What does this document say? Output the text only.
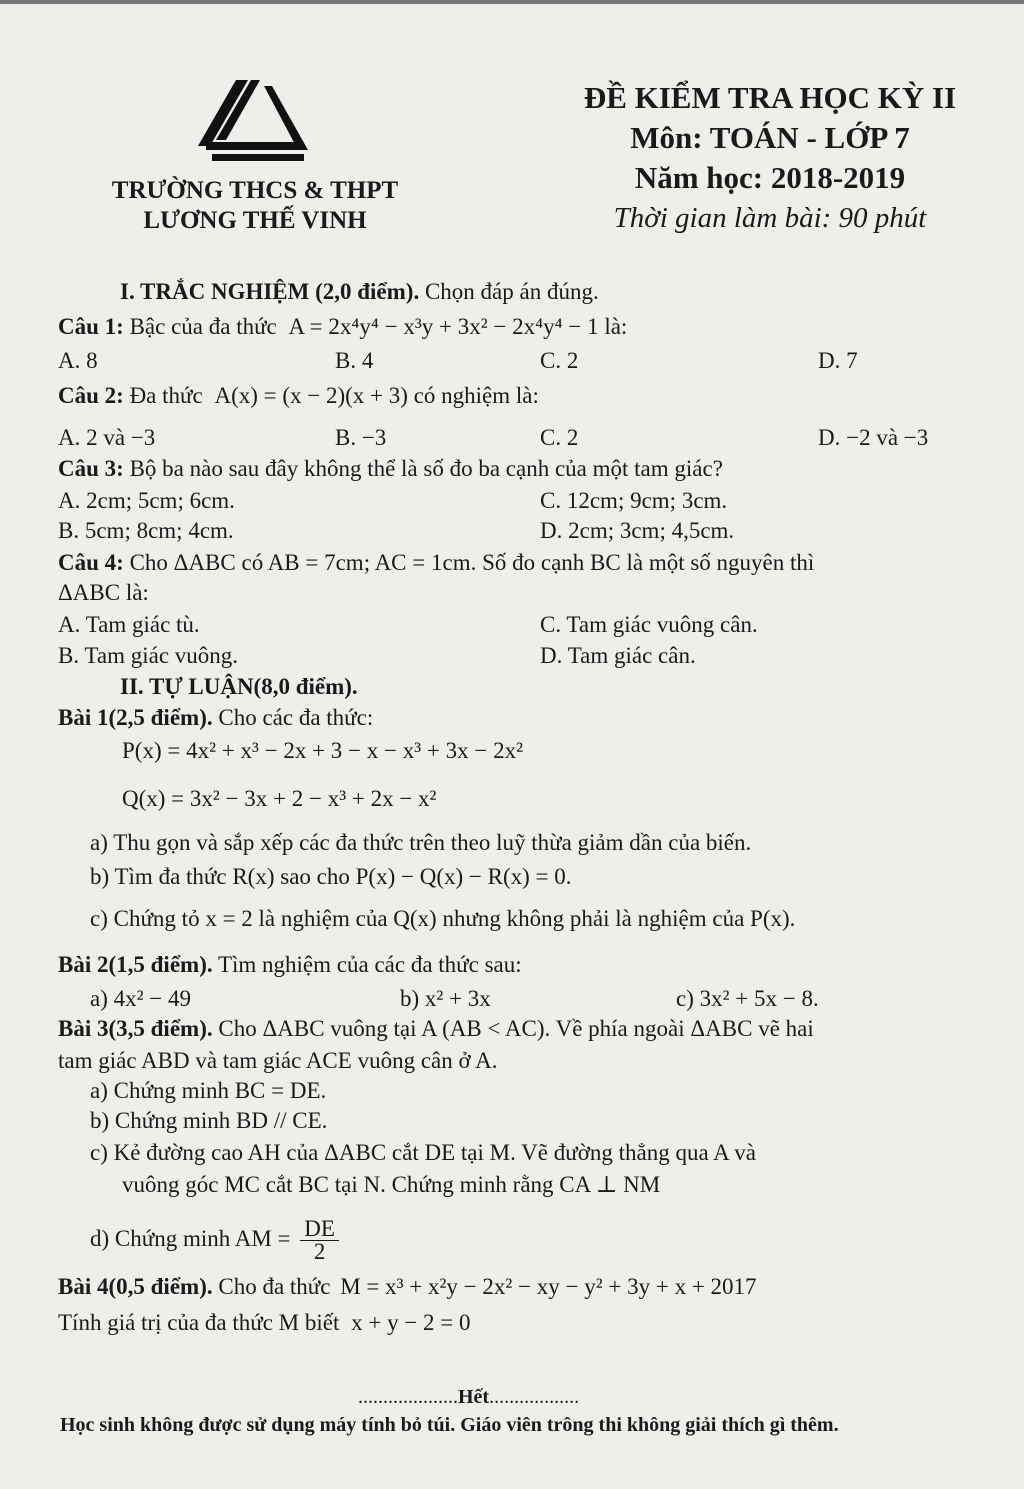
TRƯỜNG THCS & THPT
LƯƠNG THẾ VINH
ĐỀ KIỂM TRA HỌC KỲ II
Môn: TOÁN - LỚP 7
Năm học: 2018-2019
Thời gian làm bài: 90 phút
I. TRẮC NGHIỆM (2,0 điểm). Chọn đáp án đúng.
Câu 1: Bậc của đa thức A = 2x⁴y⁴ − x³y + 3x² − 2x⁴y⁴ − 1 là:
A. 8	B. 4	C. 2	D. 7
Câu 2: Đa thức A(x) = (x − 2)(x + 3) có nghiệm là:
A. 2 và −3	B. −3	C. 2	D. −2 và −3
Câu 3: Bộ ba nào sau đây không thể là số đo ba cạnh của một tam giác?
A. 2cm; 5cm; 6cm.	C. 12cm; 9cm; 3cm.
B. 5cm; 8cm; 4cm.	D. 2cm; 3cm; 4,5cm.
Câu 4: Cho ΔABC có AB = 7cm; AC = 1cm. Số đo cạnh BC là một số nguyên thì
ΔABC là:
A. Tam giác tù.	C. Tam giác vuông cân.
B. Tam giác vuông.	D. Tam giác cân.
II. TỰ LUẬN(8,0 điểm).
Bài 1(2,5 điểm). Cho các đa thức:
P(x) = 4x² + x³ − 2x + 3 − x − x³ + 3x − 2x²
Q(x) = 3x² − 3x + 2 − x³ + 2x − x²
a) Thu gọn và sắp xếp các đa thức trên theo luỹ thừa giảm dần của biến.
b) Tìm đa thức R(x) sao cho P(x) − Q(x) − R(x) = 0.
c) Chứng tỏ x = 2 là nghiệm của Q(x) nhưng không phải là nghiệm của P(x).
Bài 2(1,5 điểm). Tìm nghiệm của các đa thức sau:
a) 4x² − 49	b) x² + 3x	c) 3x² + 5x − 8.
Bài 3(3,5 điểm). Cho ΔABC vuông tại A (AB < AC). Về phía ngoài ΔABC vẽ hai
tam giác ABD và tam giác ACE vuông cân ở A.
a) Chứng minh BC = DE.
b) Chứng minh BD // CE.
c) Kẻ đường cao AH của ΔABC cắt DE tại M. Vẽ đường thẳng qua A và
vuông góc MC cắt BC tại N. Chứng minh rằng CA ⊥ NM
d) Chứng minh AM = $\frac{DE}{2}$
Bài 4(0,5 điểm). Cho đa thức M = x³ + x²y − 2x² − xy − y² + 3y + x + 2017
Tính giá trị của đa thức M biết x + y − 2 = 0
....................Hết..................
Học sinh không được sử dụng máy tính bỏ túi. Giáo viên trông thi không giải thích gì thêm.
